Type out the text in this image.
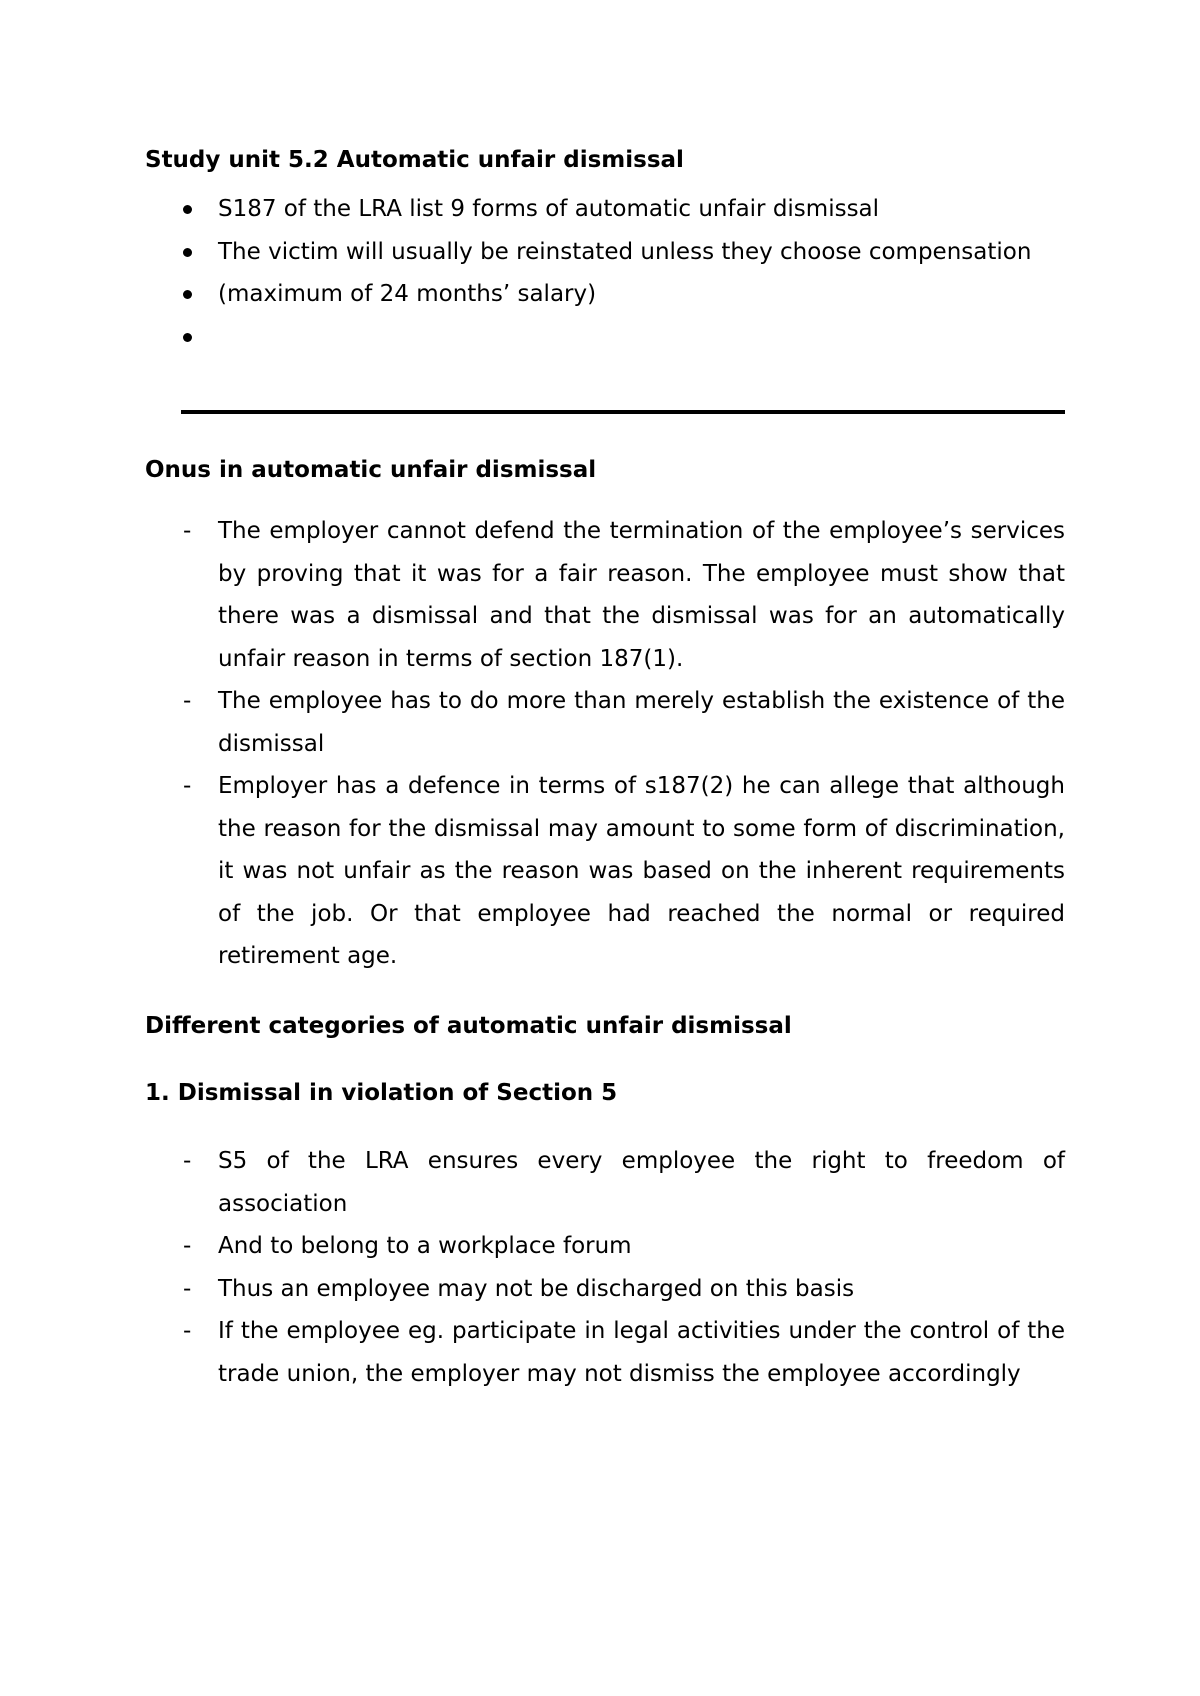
Study unit 5.2 Automatic unfair dismissal
S187 of the LRA list 9 forms of automatic unfair dismissal
The victim will usually be reinstated unless they choose compensation
(maximum of 24 months’ salary)
Onus in automatic unfair dismissal
-	The employer cannot defend the termination of the employee’s services by proving that it was for a fair reason. The employee must show that there was a dismissal and that the dismissal was for an automatically unfair reason in terms of section 187(1).
-	The employee has to do more than merely establish the existence of the dismissal
-	Employer has a defence in terms of s187(2) he can allege that although the reason for the dismissal may amount to some form of discrimination, it was not unfair as the reason was based on the inherent requirements of the job. Or that employee had reached the normal or required retirement age.
Different categories of automatic unfair dismissal
1. Dismissal in violation of Section 5
-	S5 of the LRA ensures every employee the right to freedom of association
-	And to belong to a workplace forum
-	Thus an employee may not be discharged on this basis
-	If the employee eg. participate in legal activities under the control of the trade union, the employer may not dismiss the employee accordingly
